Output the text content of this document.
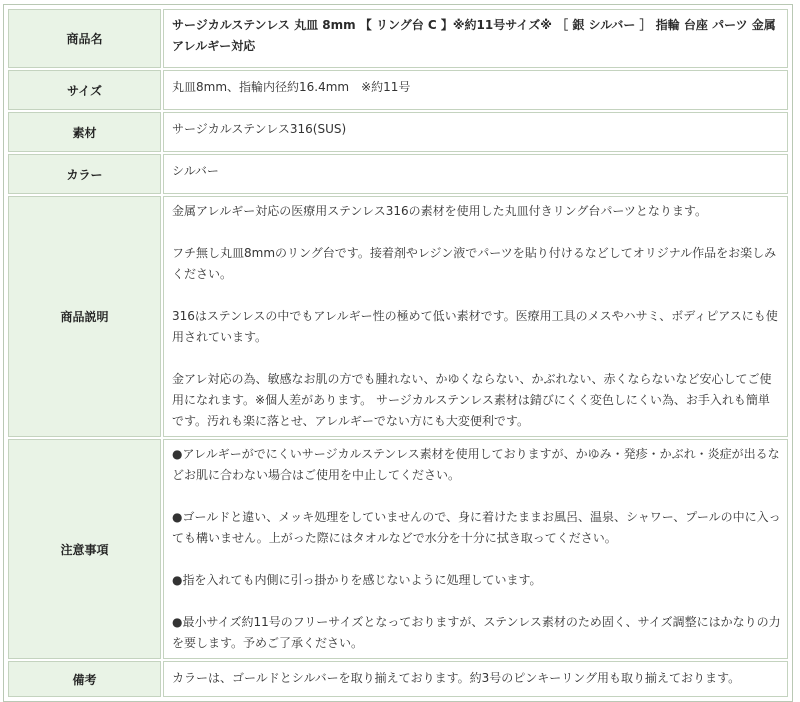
商品名	サージカルステンレス 丸皿 8mm 【 リング台 C 】※約11号サイズ※ ［ 銀 シルバー ］ 指輪 台座 パーツ 金属アレルギー対応

サイズ	丸皿8mm、指輪内径約16.4mm　※約11号

素材	サージカルステンレス316(SUS)

カラー	シルバー

商品説明	金属アレルギー対応の医療用ステンレス316の素材を使用した丸皿付きリング台パーツとなります。

フチ無し丸皿8mmのリング台です。接着剤やレジン液でパーツを貼り付けるなどしてオリジナル作品をお楽しみください。

316はステンレスの中でもアレルギー性の極めて低い素材です。医療用工具のメスやハサミ、ボディピアスにも使用されています。

金アレ対応の為、敏感なお肌の方でも腫れない、かゆくならない、かぶれない、赤くならないなど安心してご使用になれます。※個人差があります。 サージカルステンレス素材は錆びにくく変色しにくい為、お手入れも簡単です。汚れも楽に落とせ、アレルギーでない方にも大変便利です。

注意事項	●アレルギーがでにくいサージカルステンレス素材を使用しておりますが、かゆみ・発疹・かぶれ・炎症が出るなどお肌に合わない場合はご使用を中止してください。

●ゴールドと違い、メッキ処理をしていませんので、身に着けたままお風呂、温泉、シャワー、プールの中に入っても構いません。上がった際にはタオルなどで水分を十分に拭き取ってください。

●指を入れても内側に引っ掛かりを感じないように処理しています。

●最小サイズ約11号のフリーサイズとなっておりますが、ステンレス素材のため固く、サイズ調整にはかなりの力を要します。予めご了承ください。

備考	カラーは、ゴールドとシルバーを取り揃えております。約3号のピンキーリング用も取り揃えております。
